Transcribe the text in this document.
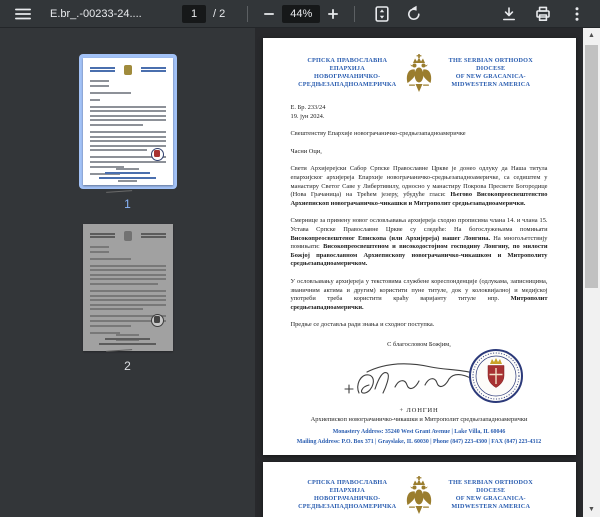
E.br_.-00233-24....
1	/ 2	44%
1
2
СРПСКА ПРАВОСЛАВНА ЕПАРХИЈА
НОВОГРАЧАНИЧКО-СРЕДЊЕЗАПАДНОАМЕРИЧКА
THE SERBIAN ORTHODOX DIOCESE
OF NEW GRACANICA-MIDWESTERN AMERICA
Е. Бр. 233/24
19. јун 2024.
Свештенству Епархије новограчаничко-средњезападноамеричке
Часни Оци,

Свети Архијерејски Сабор Српске Православне Цркве је донео одлуку да Наша титула епархијског архијереја Епархије новограчаничко-средњезападноамеричке, са седиштем у манастиру Светог Саве у Либертивилу, односно у манастиру Покрова Пресвете Богородице (Нова Грачаница) на Трећем језеру, убудуће гласи: Његово Високопреосвештенство Архиепископ новограчаничко-чикашки и Митрополит средњезападноамерички.

Смернице за примену новог ословљавања архијереја сходно прописима члана 14. и члана 15. Устава Српске Православне Цркве су следеће: На богослужењима помињати Високопреосвештеног Епископа (или Архијереја) нашег Лонгина. На многољетствију помињати: Високопреосвештеном и високодостојном господину Лонгину, по милости Божјој православном Архиепископу новограчаничко-чикашком и Митрополиту средњезападноамеричком.

У ословљавању архијереја у текстовима службене кореспонденције (одлукама, записницима, званичним актима и другим) користити пуне титуле, док у колоквијалној и медијској употреби треба користити краћу варијанту титуле нпр. Митрополит средњезападноамерички.

Предње се доставља ради знања и сходног поступка.
С благословом Божјим,
+ ЛОНГИН
Архиепископ новограчаничко-чикашки и Митрополит средњезападноамерички
Monastery Address: 35240 West Grant Avenue | Lake Villa, IL 60046
Mailing Address: P.O. Box 371 | Grayslake, IL 60030 | Phone (847) 223-4300 | FAX (847) 223-4312
СРПСКА ПРАВОСЛАВНА ЕПАРХИЈА
НОВОГРАЧАНИЧКО-СРЕДЊЕЗАПАДНОАМЕРИЧКА
THE SERBIAN ORTHODOX DIOCESE
OF NEW GRACANICA-MIDWESTERN AMERICA
▲
▼
